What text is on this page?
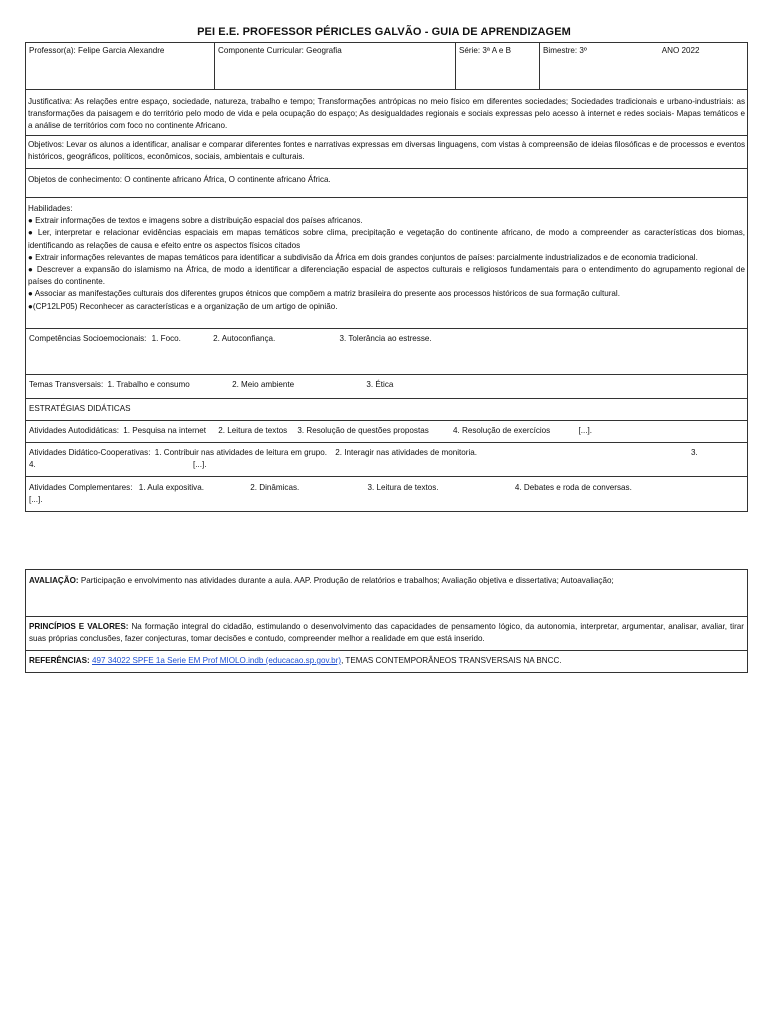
PEI E.E. PROFESSOR PÉRICLES GALVÃO - GUIA DE APRENDIZAGEM
Professor(a): Felipe Garcia Alexandre	Componente Curricular: Geografia	Série: 3ª A e B	Bimestre: 3º	ANO 2022
Justificativa: As relações entre espaço, sociedade, natureza, trabalho e tempo; Transformações antrópicas no meio físico em diferentes sociedades; Sociedades tradicionais e urbano-industriais: as transformações da paisagem e do território pelo modo de vida e pela ocupação do espaço; As desigualdades regionais e sociais expressas pelo acesso à internet e redes sociais- Mapas temáticos e a análise de territórios com foco no continente Africano.
Objetivos: Levar os alunos a identificar, analisar e comparar diferentes fontes e narrativas expressas em diversas linguagens, com vistas à compreensão de ideias filosóficas e de processos e eventos históricos, geográficos, políticos, econômicos, sociais, ambientais e culturais.
Objetos de conhecimento: O continente africano África, O continente africano África.

Habilidades:
● Extrair informações de textos e imagens sobre a distribuição espacial dos países africanos.
● Ler, interpretar e relacionar evidências espaciais em mapas temáticos sobre clima, precipitação e vegetação do continente africano, de modo a compreender as características dos biomas, identificando as relações de causa e efeito entre os aspectos físicos citados
● Extrair informações relevantes de mapas temáticos para identificar a subdivisão da África em dois grandes conjuntos de países: parcialmente industrializados e de economia tradicional.
● Descrever a expansão do islamismo na África, de modo a identificar a diferenciação espacial de aspectos culturais e religiosos fundamentais para o entendimento do agrupamento regional de países do continente.
● Associar as manifestações culturais dos diferentes grupos étnicos que compõem a matriz brasileira do presente aos processos históricos de sua formação cultural.
●(CP12LP05) Reconhecer as características e a organização de um artigo de opinião.

Competências Socioemocionais: 1. Foco.	2. Autoconfiança.	3. Tolerância ao estresse.
Temas Transversais: 1. Trabalho e consumo	2. Meio ambiente	3. Ética
ESTRATÉGIAS DIDÁTICAS
Atividades Autodidáticas: 1. Pesquisa na internet 2. Leitura de textos 3. Resolução de questões propostas	4. Resolução de exercícios	[...].
Atividades Didático-Cooperativas: 1. Contribuir nas atividades de leitura em grupo. 2. Interagir nas atividades de monitoria.	3.
4.	[...].

Atividades Complementares: 1. Aula expositiva.	2. Dinâmicas.	3. Leitura de textos.	4. Debates e roda de conversas.
[...].
AVALIAÇÃO: Participação e envolvimento nas atividades durante a aula. AAP. Produção de relatórios e trabalhos; Avaliação objetiva e dissertativa; Autoavaliação;
PRINCÍPIOS E VALORES: Na formação integral do cidadão, estimulando o desenvolvimento das capacidades de pensamento lógico, da autonomia, interpretar, argumentar, analisar, avaliar, tirar suas próprias conclusões, fazer conjecturas, tomar decisões e contudo, compreender melhor a realidade em que está inserido.
REFERÊNCIAS: 497 34022 SPFE 1a Serie EM Prof MIOLO.indb (educacao.sp.gov.br), TEMAS CONTEMPORÂNEOS TRANSVERSAIS NA BNCC.
